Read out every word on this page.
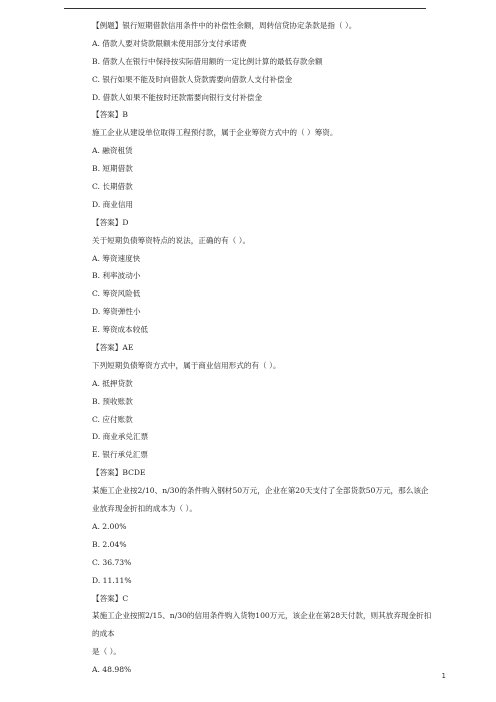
【例题】银行短期借款信用条件中的补偿性余额，周转信贷协定条款是指（ ）。
A. 借款人要对贷款限额未使用部分支付承诺费
B. 借款人在银行中保持按实际借用额的一定比例计算的最低存款余额
C. 银行如果不能及时向借款人贷款需要向借款人支付补偿金
D. 借款人如果不能按时还款需要向银行支付补偿金
【答案】B
施工企业从建设单位取得工程预付款，属于企业筹资方式中的（ ）筹资。
A. 融资租赁
B. 短期借款
C. 长期借款
D. 商业信用
【答案】D
关于短期负债筹资特点的说法，正确的有（ ）。
A. 筹资速度快
B. 利率波动小
C. 筹资风险低
D. 筹资弹性小
E. 筹资成本较低
【答案】AE
下列短期负债筹资方式中，属于商业信用形式的有（ ）。
A. 抵押贷款
B. 预收账款
C. 应付账款
D. 商业承兑汇票
E. 银行承兑汇票
【答案】BCDE
某施工企业按2/10、n/30的条件购入钢材50万元，企业在第20天支付了全部货款50万元，那么该企业放弃现金折扣的成本为（ ）。
A. 2.00%
B. 2.04%
C. 36.73%
D. 11.11%
【答案】C
某施工企业按照2/15、n/30的信用条件购入货物100万元，该企业在第28天付款，则其放弃现金折扣的成本
是（ ）。
A. 48.98%
1
